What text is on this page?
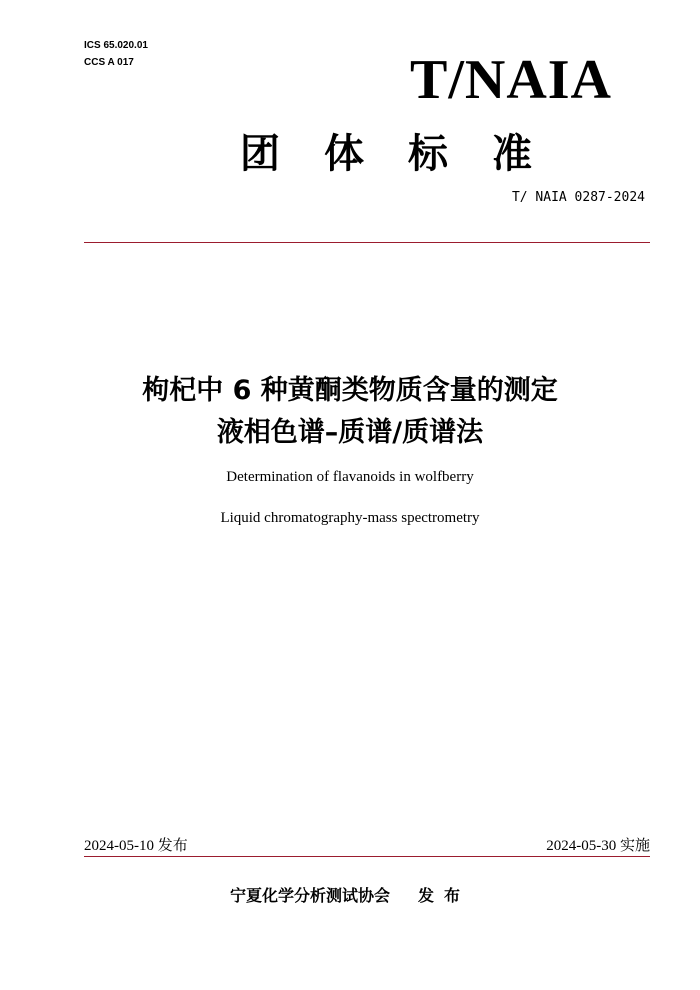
ICS 65.020.01
CCS A 017	T/NAIA
团体标准
T/ NAIA 0287-2024
枸杞中 6 种黄酮类物质含量的测定
液相色谱–质谱/质谱法
Determination of flavanoids in wolfberry
Liquid chromatography-mass spectrometry
2024-05-10 发布	2024-05-30 实施
宁夏化学分析测试协会 发布
